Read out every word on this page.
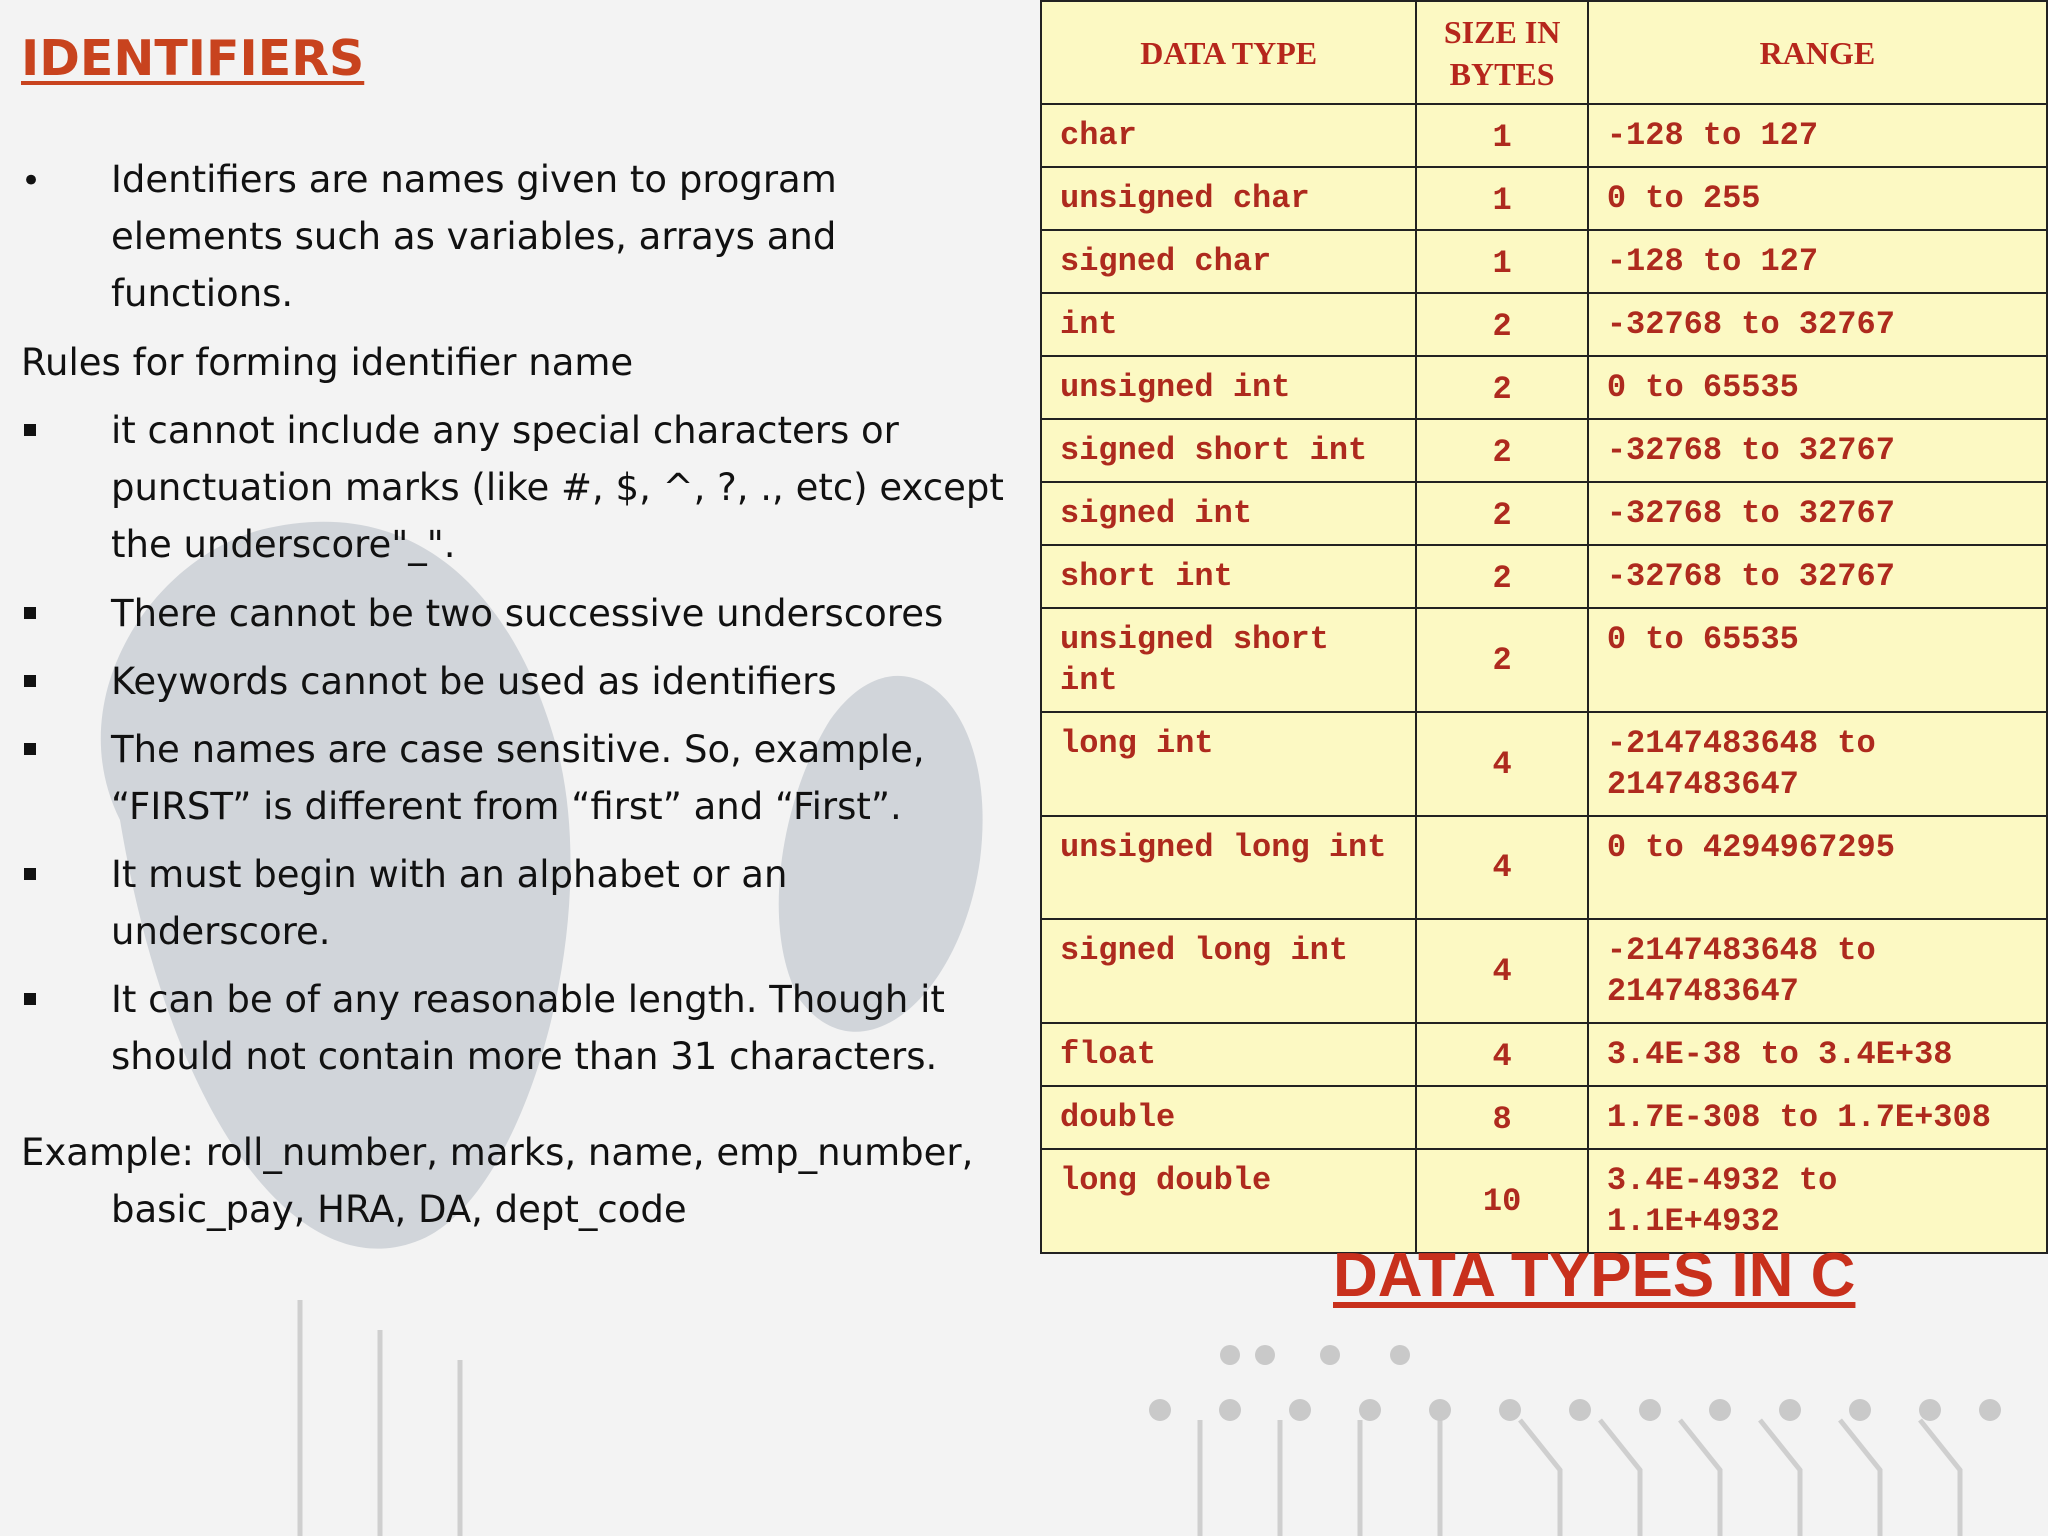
IDENTIFIERS
•
Identifiers are names given to program elements such as variables, arrays and functions.

Rules for forming identifier name

it cannot include any special characters or punctuation marks (like #, $, ^, ?, ., etc) except the underscore"_".
There cannot be two successive underscores
Keywords cannot be used as identifiers
The names are case sensitive. So, example, “FIRST” is different from “first” and “First”.
It must begin with an alphabet or an underscore.
It can be of any reasonable length. Though it should not contain more than 31 characters.

Example: roll_number, marks, name, emp_number, basic_pay, HRA, DA, dept_code

DATA TYPE	SIZE IN BYTES	RANGE
char	1	-128 to 127
unsigned char	1	0 to 255
signed char	1	-128 to 127
int	2	-32768 to 32767
unsigned int	2	0 to 65535
signed short int	2	-32768 to 32767
signed int	2	-32768 to 32767
short int	2	-32768 to 32767
unsigned short int	2	0 to 65535
long int	4	-2147483648 to 2147483647
unsigned long int	4	0 to 4294967295
signed long int	4	-2147483648 to 2147483647
float	4	3.4E-38 to 3.4E+38
double	8	1.7E-308 to 1.7E+308
long double	10	3.4E-4932 to 1.1E+4932
DATA TYPES IN C
